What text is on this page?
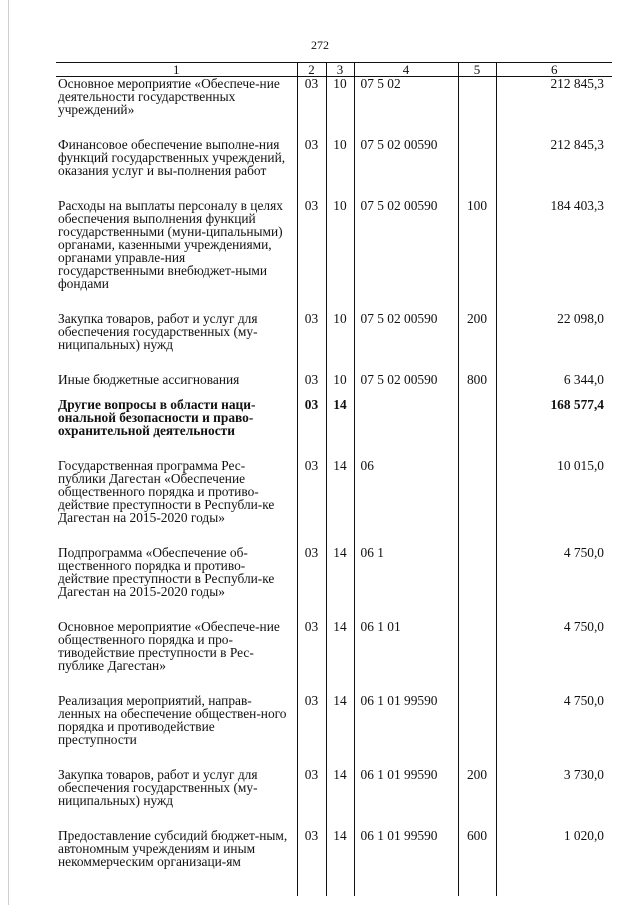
272
1	2	3	4	5	6
Основное мероприятие «Обеспече-ние деятельности государственных учреждений»	03	10	07 5 02		212 845,3
Финансовое обеспечение выполне-ния функций государственных учреждений, оказания услуг и вы-полнения работ	03	10	07 5 02 00590		212 845,3
Расходы на выплаты персоналу в целях обеспечения выполнения функций государственными (муни-ципальными) органами, казенными учреждениями, органами управле-ния государственными внебюджет-ными фондами	03	10	07 5 02 00590	100	184 403,3
Закупка товаров, работ и услуг для обеспечения государственных (му-ниципальных) нужд	03	10	07 5 02 00590	200	22 098,0
Иные бюджетные ассигнования	03	10	07 5 02 00590	800	6 344,0
Другие вопросы в области наци-ональной безопасности и право-охранительной деятельности	03	14			168 577,4
Государственная программа Рес-публики Дагестан «Обеспечение общественного порядка и противо-действие преступности в Республи-ке Дагестан на 2015-2020 годы»	03	14	06		10 015,0
Подпрограмма «Обеспечение об-щественного порядка и противо-действие преступности в Республи-ке Дагестан на 2015-2020 годы»	03	14	06 1		4 750,0
Основное мероприятие «Обеспече-ние общественного порядка и про-тиводействие преступности в Рес-публике Дагестан»	03	14	06 1 01		4 750,0
Реализация мероприятий, направ-ленных на обеспечение обществен-ного порядка и противодействие преступности	03	14	06 1 01 99590		4 750,0
Закупка товаров, работ и услуг для обеспечения государственных (му-ниципальных) нужд	03	14	06 1 01 99590	200	3 730,0
Предоставление субсидий бюджет-ным, автономным учреждениям и иным некоммерческим организаци-ям	03	14	06 1 01 99590	600	1 020,0
